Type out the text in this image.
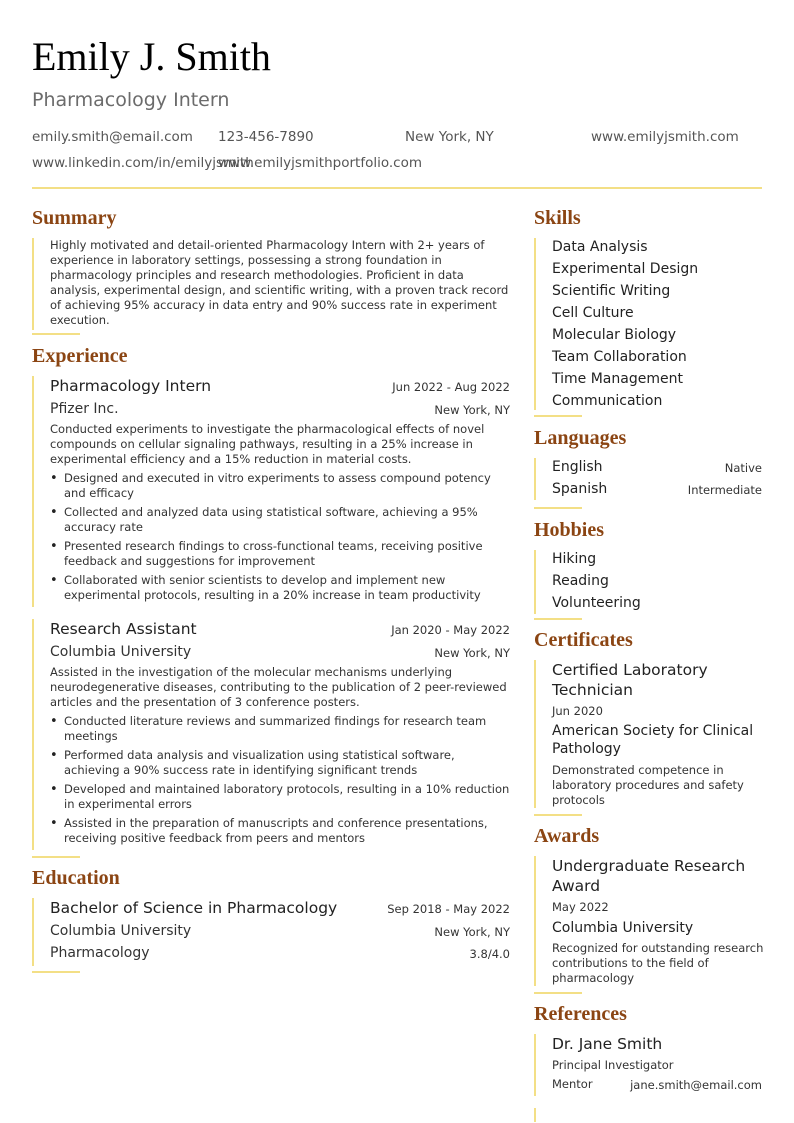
Emily J. Smith
Pharmacology Intern
emily.smith@email.com 123-456-7890	New York, NY	www.emilyjsmith.com
www.linkedin.com/in/emilyjsmith
www.emilyjsmithportfolio.com
Summary

Highly motivated and detail-oriented Pharmacology Intern with 2+ years of experience in laboratory settings, possessing a strong foundation in pharmacology principles and research methodologies. Proficient in data analysis, experimental design, and scientific writing, with a proven track record of achieving 95% accuracy in data entry and 90% success rate in experiment execution.

Experience
Pharmacology Intern	Jun 2022 - Aug 2022
Pfizer Inc.	New York, NY

Conducted experiments to investigate the pharmacological effects of novel compounds on cellular signaling pathways, resulting in a 25% increase in experimental efficiency and a 15% reduction in material costs.

• Designed and executed in vitro experiments to assess compound potency and efficacy
• Collected and analyzed data using statistical software, achieving a 95% accuracy rate
• Presented research findings to cross-functional teams, receiving positive feedback and suggestions for improvement
• Collaborated with senior scientists to develop and implement new experimental protocols, resulting in a 20% increase in team productivity
Research Assistant	Jan 2020 - May 2022
Columbia University	New York, NY

Assisted in the investigation of the molecular mechanisms underlying neurodegenerative diseases, contributing to the publication of 2 peer-reviewed articles and the presentation of 3 conference posters.

• Conducted literature reviews and summarized findings for research team meetings
• Performed data analysis and visualization using statistical software, achieving a 90% success rate in identifying significant trends
• Developed and maintained laboratory protocols, resulting in a 10% reduction in experimental errors
• Assisted in the preparation of manuscripts and conference presentations, receiving positive feedback from peers and mentors
Education
Bachelor of Science in Pharmacology	Sep 2018 - May 2022
Columbia University	New York, NY
Pharmacology	3.8/4.0
Skills
Data Analysis
Experimental Design
Scientific Writing
Cell Culture
Molecular Biology
Team Collaboration
Time Management
Communication
Languages
English	Native
Spanish	Intermediate
Hobbies
Hiking
Reading
Volunteering
Certificates
Certified Laboratory Technician
Jun 2020
American Society for Clinical Pathology
Demonstrated competence in laboratory procedures and safety protocols
Awards
Undergraduate Research Award
May 2022
Columbia University
Recognized for outstanding research contributions to the field of pharmacology
References
Dr. Jane Smith
Principal Investigator
Mentor	jane.smith@email.com
